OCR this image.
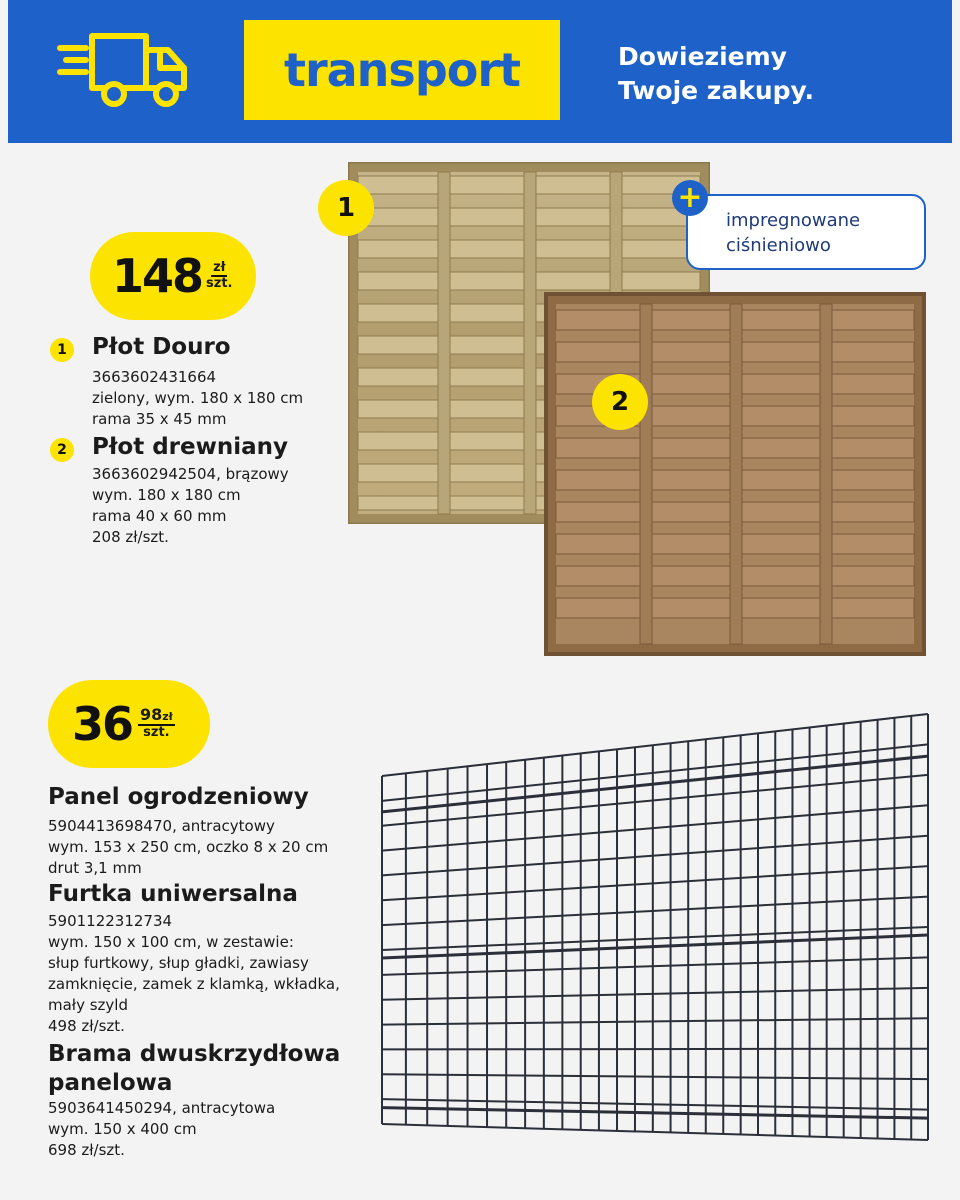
transport	Dowieziemy
Twoje zakupy.
1
2
impregnowane
ciśnieniowo
+
148 zł
szt.
1	Płot Douro
3663602431664
zielony, wym. 180 x 180 cm
rama 35 x 45 mm
2	Płot drewniany
3663602942504, brązowy
wym. 180 x 180 cm
rama 40 x 60 mm
208 zł/szt.
36 98zł
szt.
Panel ogrodzeniowy
5904413698470, antracytowy
wym. 153 x 250 cm, oczko 8 x 20 cm
drut 3,1 mm
Furtka uniwersalna
5901122312734
wym. 150 x 100 cm, w zestawie:
słup furtkowy, słup gładki, zawiasy
zamknięcie, zamek z klamką, wkładka,
mały szyld
498 zł/szt.
Brama dwuskrzydłowa
panelowa
5903641450294, antracytowa
wym. 150 x 400 cm
698 zł/szt.
